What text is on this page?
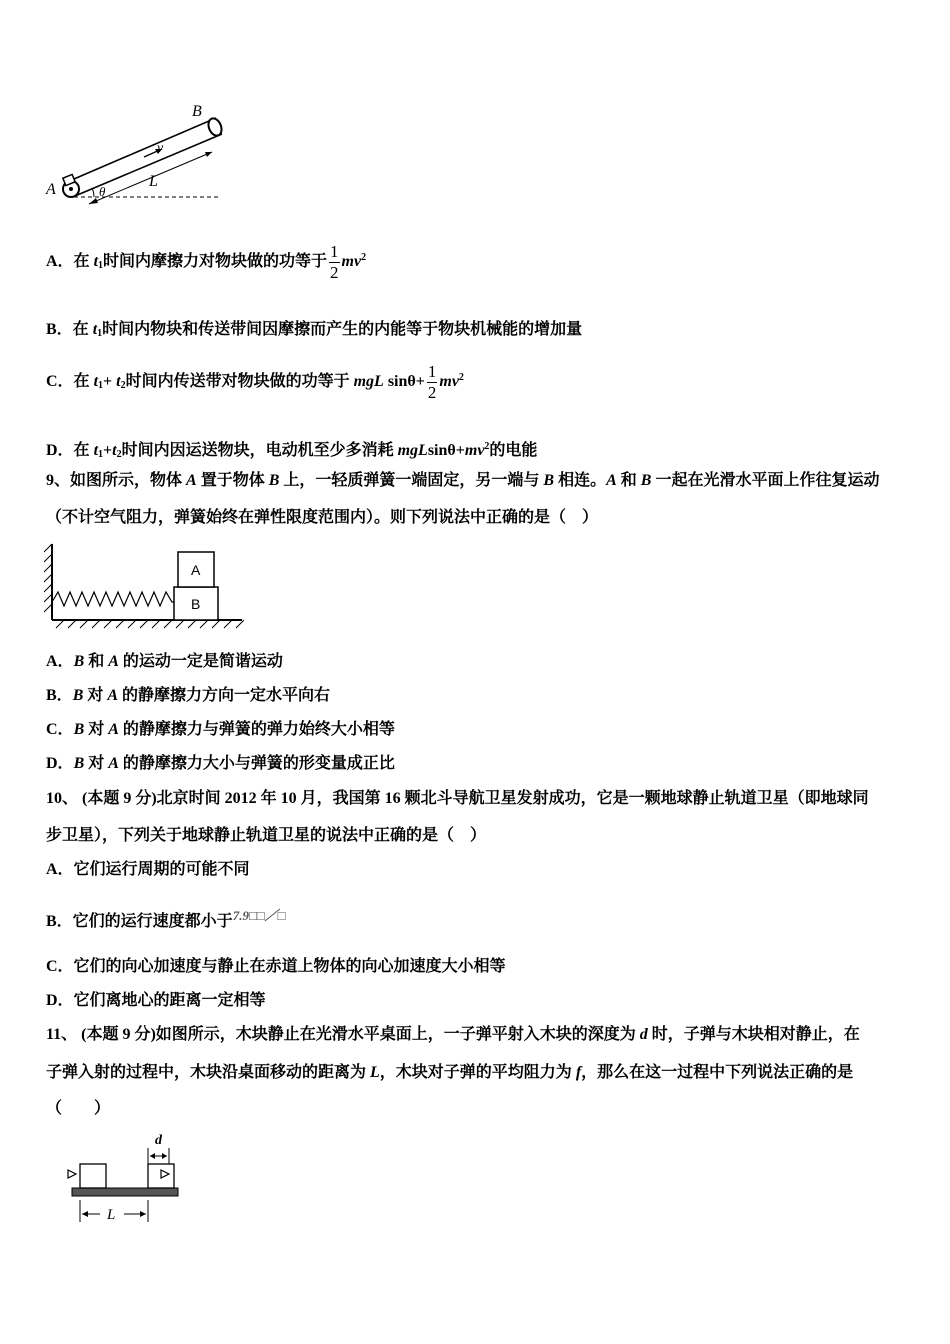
B
A
v
L
θ
A．在 $t_1$时间内摩擦力对物块做的功等于 $\frac{1}{2} mv^2$
B．在 $t_1$时间内物块和传送带间因摩擦而产生的内能等于物块机械能的增加量
C．在 $t_1+ t_2$时间内传送带对物块做的功等于 mgL $\sin\theta+ \frac{1}{2} mv^2$
D．在 $t_1+t_2$时间内因运送物块，电动机至少多消耗 $mgLsin\theta+mv^2$的电能
9、如图所示，物体 A 置于物体 B 上，一轻质弹簧一端固定，另一端与 B 相连。A 和 B 一起在光滑水平面上作往复运动
（不计空气阻力，弹簧始终在弹性限度范围内）。则下列说法中正确的是（　）
A
B
A．B 和 A 的运动一定是简谐运动
B．B 对 A 的静摩擦力方向一定水平向右
C．B 对 A 的静摩擦力与弹簧的弹力始终大小相等
D．B 对 A 的静摩擦力大小与弹簧的形变量成正比
10、 (本题 9 分)北京时间 2012 年 10 月，我国第 16 颗北斗导航卫星发射成功，它是一颗地球静止轨道卫星（即地球同
步卫星），下列关于地球静止轨道卫星的说法中正确的是（　）
A．它们运行周期的可能不同
B．它们的运行速度都小于$^{7.9□□/□}$
C．它们的向心加速度与静止在赤道上物体的向心加速度大小相等
D．它们离地心的距离一定相等
11、 (本题 9 分)如图所示，木块静止在光滑水平桌面上，一子弹平射入木块的深度为 d 时，子弹与木块相对静止，在
子弹入射的过程中，木块沿桌面移动的距离为 L，木块对子弹的平均阻力为 f，那么在这一过程中下列说法正确的是
（　　）
d
L
